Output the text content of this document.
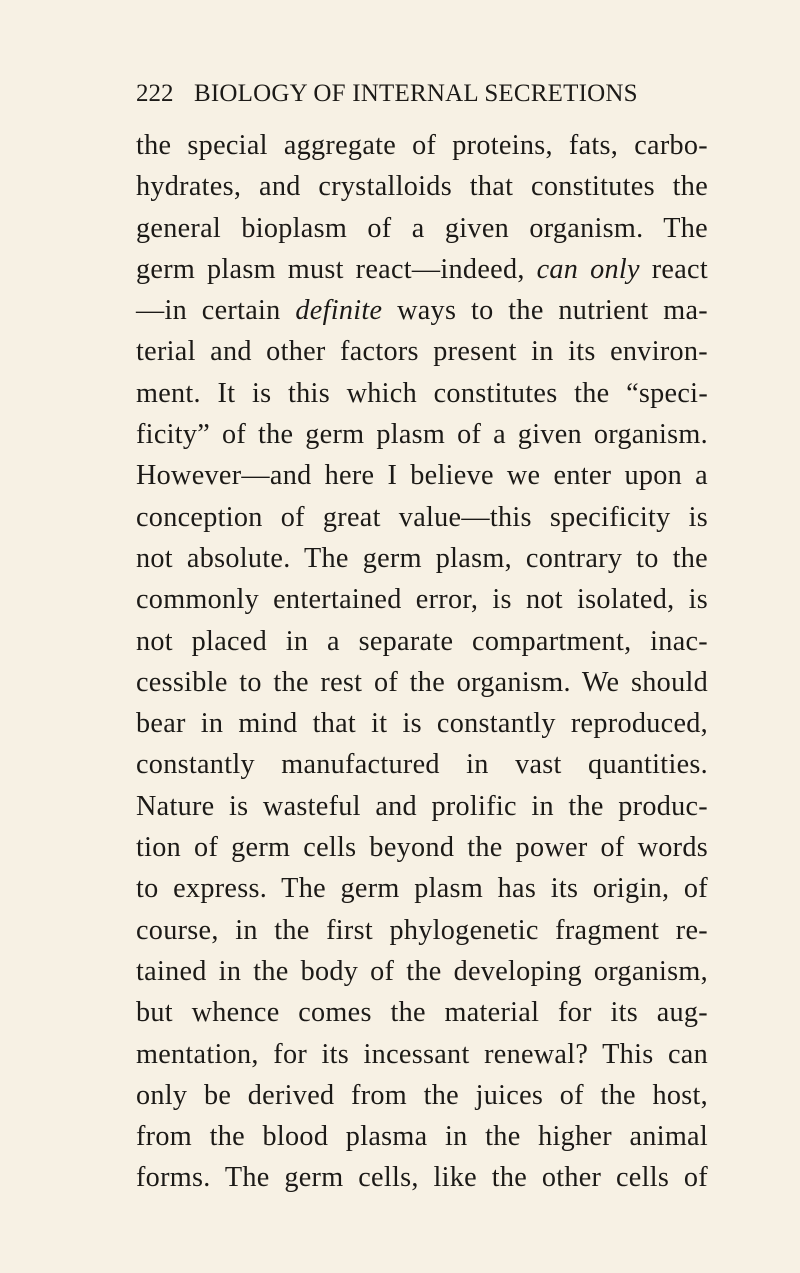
222 BIOLOGY OF INTERNAL SECRETIONS
the special aggregate of proteins, fats, carbo-
hydrates, and crystalloids that constitutes the
general bioplasm of a given organism. The
germ plasm must react—indeed, can only react
—in certain definite ways to the nutrient ma-
terial and other factors present in its environ-
ment. It is this which constitutes the “speci-
ficity” of the germ plasm of a given organism.
However—and here I believe we enter upon a
conception of great value—this specificity is
not absolute. The germ plasm, contrary to the
commonly entertained error, is not isolated, is
not placed in a separate compartment, inac-
cessible to the rest of the organism. We should
bear in mind that it is constantly reproduced,
constantly manufactured in vast quantities.
Nature is wasteful and prolific in the produc-
tion of germ cells beyond the power of words
to express. The germ plasm has its origin, of
course, in the first phylogenetic fragment re-
tained in the body of the developing organism,
but whence comes the material for its aug-
mentation, for its incessant renewal? This can
only be derived from the juices of the host,
from the blood plasma in the higher animal
forms. The germ cells, like the other cells of
